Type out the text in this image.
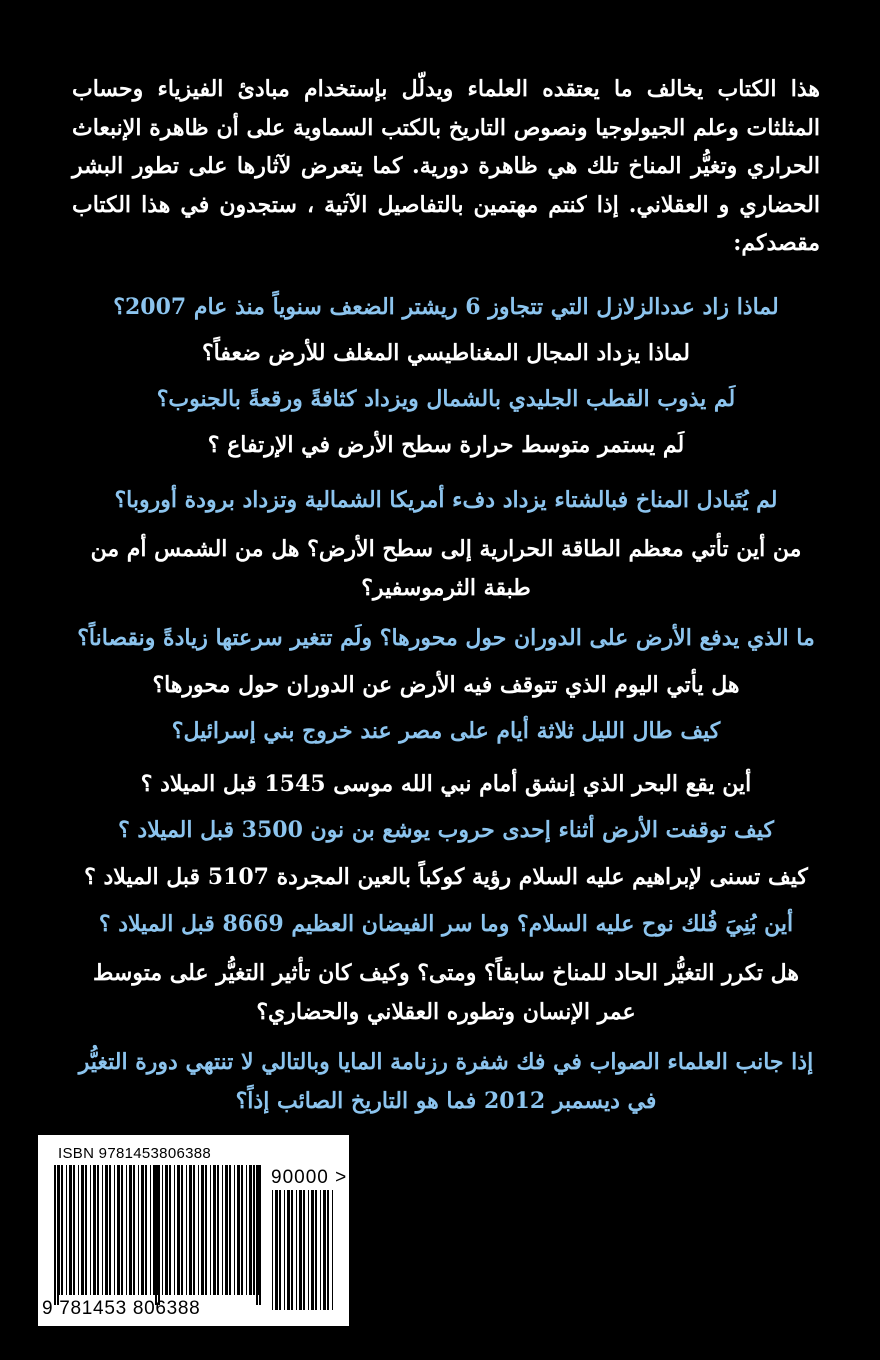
هذا الكتاب يخالف ما يعتقده العلماء ويدلّل بإستخدام مبادئ الفيزياء وحساب المثلثات وعلم الجيولوجيا ونصوص التاريخ بالكتب السماوية على أن ظاهرة الإنبعاث الحراري وتغيُّر المناخ تلك هي ظاهرة دورية. كما يتعرض لآثارها على تطور البشر الحضاري و العقلاني. إذا كنتم مهتمين بالتفاصيل الآتية ، ستجدون في هذا الكتاب مقصدكم:

لماذا زاد عددالزلازل التي تتجاوز 6 ريشتر الضعف سنوياً منذ عام 2007؟

لماذا يزداد المجال المغناطيسي المغلف للأرض ضعفاً؟

لَم يذوب القطب الجليدي بالشمال ويزداد كثافةً ورقعةً بالجنوب؟

لَم يستمر متوسط حرارة سطح الأرض في الإرتفاع ؟

لم يُتَبادل المناخ فبالشتاء يزداد دفء أمريكا الشمالية وتزداد برودة أوروبا؟

من أين تأتي معظم الطاقة الحرارية إلى سطح الأرض؟ هل من الشمس أم من طبقة الثرموسفير؟

ما الذي يدفع الأرض على الدوران حول محورها؟ ولَم تتغير سرعتها زيادةً ونقصاناً؟

هل يأتي اليوم الذي تتوقف فيه الأرض عن الدوران حول محورها؟

كيف طال الليل ثلاثة أيام على مصر عند خروج بني إسرائيل؟

أين يقع البحر الذي إنشق أمام نبي الله موسى 1545 قبل الميلاد ؟

كيف توقفت الأرض أثناء إحدى حروب يوشع بن نون 3500 قبل الميلاد ؟

كيف تسنى لإبراهيم عليه السلام رؤية كوكباً بالعين المجردة 5107 قبل الميلاد ؟

أين بُنِيَ فُلك نوح عليه السلام؟ وما سر الفيضان العظيم 8669 قبل الميلاد ؟

هل تكرر التغيُّر الحاد للمناخ سابقاً؟ ومتى؟ وكيف كان تأثير التغيُّر على متوسط عمر الإنسان وتطوره العقلاني والحضاري؟

إذا جانب العلماء الصواب في فك شفرة رزنامة المايا وبالتالي لا تنتهي دورة التغيُّر في ديسمبر 2012 فما هو التاريخ الصائب إذاً؟

ISBN 9781453806388
90000 >
9 781453 806388
